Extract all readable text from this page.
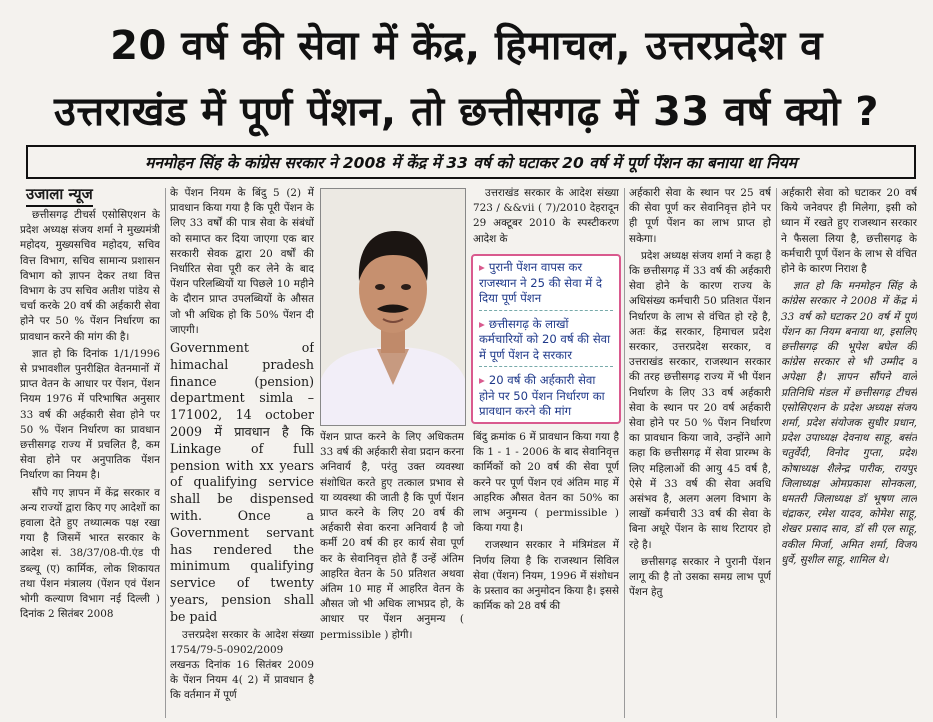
20 वर्ष की सेवा में केंद्र, हिमाचल, उत्तरप्रदेश व
उत्तराखंड में पूर्ण पेंशन, तो छत्तीसगढ़ में 33 वर्ष क्यो ?
मनमोहन सिंह के कांग्रेस सरकार ने 2008 में केंद्र में 33 वर्ष को घटाकर 20 वर्ष में पूर्ण पेंशन का बनाया था नियम
उजाला न्यूज

छत्तीसगढ़ टीचर्स एसोसिएशन के प्रदेश अध्यक्ष संजय शर्मा ने मुख्यमंत्री महोदय, मुख्यसचिव महोदय, सचिव वित्त विभाग, सचिव सामान्य प्रशासन विभाग को ज्ञापन देकर तथा वित्त विभाग के उप सचिव अतीश पांडेय से चर्चा करके 20 वर्ष की अर्हकारी सेवा होने पर 50 % पेंशन निर्धारण का प्रावधान करने की मांग की है।

ज्ञात हो कि दिनांक 1/1/1996 से प्रभावशील पुनरीक्षित वेतनमानों में प्राप्त वेतन के आधार पर पेंशन, पेंशन नियम 1976 में परिभाषित अनुसार 33 वर्ष की अर्हकारी सेवा होने पर 50 % पेंशन निर्धारण का प्रावधान छत्तीसगढ़ राज्य में प्रचलित है, कम सेवा होने पर अनुपातिक पेंशन निर्धारण का नियम है।

सौंपे गए ज्ञापन में केंद्र सरकार व अन्य राज्यों द्वारा किए गए आदेशों का हवाला देते हुए तथ्यात्मक पक्ष रखा गया है जिसमें भारत सरकार के आदेश सं. 38/37/08-पी.एंड पी डब्ल्यू (ए) कार्मिक, लोक शिकायत तथा पेंशन मंत्रालय (पेंशन एवं पेंशन भोगी कल्याण विभाग नई दिल्ली ) दिनांक 2 सितंबर 2008

के पेंशन नियम के बिंदु 5 (2) में प्रावधान किया गया है कि पूरी पेंशन के लिए 33 वर्षों की पात्र सेवा के संबंधों को समाप्त कर दिया जाएगा एक बार सरकारी सेवक द्वारा 20 वर्षों की निर्धारित सेवा पूरी कर लेने के बाद पेंशन परिलब्धियों या पिछले 10 महीने के दौरान प्राप्त उपलब्धियों के औसत जो भी अधिक हो कि 50% पेंशन दी जाएगी।

Government of himachal pradesh finance (pension) department simla – 171002, 14 october 2009 में प्रावधान है कि Linkage of full pension with xx years of qualifying service shall be dispensed with. Once a Government servant has rendered the minimum qualifying service of twenty years, pension shall be paid

उत्तरप्रदेश सरकार के आदेश संख्या 1754/79-5-0902/2009 लखनऊ दिनांक 16 सितंबर 2009 के पेंशन नियम 4( 2) में प्रावधान है कि वर्तमान में पूर्ण

पेंशन प्राप्त करने के लिए अधिकतम 33 वर्ष की अर्हकारी सेवा प्रदान करना अनिवार्य है, परंतु उक्त व्यवस्था संशोधित करते हुए तत्काल प्रभाव से या व्यवस्था की जाती है कि पूर्ण पेंशन प्राप्त करने के लिए 20 वर्ष की अर्हकारी सेवा करना अनिवार्य है जो कर्मी 20 वर्ष की हर कार्य सेवा पूर्ण कर के सेवानिवृत्त होते हैं उन्हें अंतिम आहरित वेतन के 50 प्रतिशत अथवा अंतिम 10 माह में आहरित वेतन के औसत जो भी अधिक लाभप्रद हो, के आधार पर पेंशन अनुमन्य ( permissible ) होगी।

उत्तराखंड सरकार के आदेश संख्या 723 / &&vii ( 7)/2010 देहरादून 29 अक्टूबर 2010 के स्पस्टीकरण आदेश के

▸ पुरानी पेंशन वापस कर राजस्थान ने 25 की सेवा में दे दिया पूर्ण पेंशन
▸ छत्तीसगढ़ के लाखों कर्मचारियों को 20 वर्ष की सेवा में पूर्ण पेंशन दे सरकार
▸ 20 वर्ष की अर्हकारी सेवा होने पर 50 पेंशन निर्धारण का प्रावधान करने की मांग

बिंदु क्रमांक 6 में प्रावधान किया गया है कि 1 - 1 - 2006 के बाद सेवानिवृत्त कार्मिकों को 20 वर्ष की सेवा पूर्ण करने पर पूर्ण पेंशन एवं अंतिम माह में आहरिक औसत वेतन का 50% का लाभ अनुमन्य ( permissible ) किया गया है।

राजस्थान सरकार ने मंत्रिमंडल में निर्णय लिया है कि राजस्थान सिविल सेवा (पेंशन) नियम, 1996 में संशोधन के प्रस्ताव का अनुमोदन किया है। इससे कार्मिक को 28 वर्ष की

अर्हकारी सेवा के स्थान पर 25 वर्ष की सेवा पूर्ण कर सेवानिवृत्त होने पर ही पूर्ण पेंशन का लाभ प्राप्त हो सकेगा।

प्रदेश अध्यक्ष संजय शर्मा ने कहा है कि छत्तीसगढ़ में 33 वर्ष की अर्हकारी सेवा होने के कारण राज्य के अधिसंख्य कर्मचारी 50 प्रतिशत पेंशन निर्धारण के लाभ से वंचित हो रहे है, अतः केंद्र सरकार, हिमाचल प्रदेश सरकार, उत्तरप्रदेश सरकार, व उत्तराखंड सरकार, राजस्थान सरकार की तरह छत्तीसगढ़ राज्य में भी पेंशन निर्धारण के लिए 33 वर्ष अर्हकारी सेवा के स्थान पर 20 वर्ष अर्हकारी सेवा होने पर 50 % पेंशन निर्धारण का प्रावधान किया जावे, उन्होंने आगे कहा कि छत्तीसगढ़ में सेवा प्रारम्भ के लिए महिलाओं की आयु 45 वर्ष है, ऐसे में 33 वर्ष की सेवा अवधि असंभव है, अलग अलग विभाग के लाखों कर्मचारी 33 वर्ष की सेवा के बिना अधूरे पेंशन के साथ रिटायर हो रहे है।

छत्तीसगढ़ सरकार ने पुरानी पेंशन लागू की है तो उसका समग्र लाभ पूर्ण पेंशन हेतु

अर्हकारी सेवा को घटाकर 20 वर्ष किये जनेवपर ही मिलेगा, इसी को ध्यान में रखते हुए राजस्थान सरकार ने फैसला लिया है, छत्तीसगढ़ के कर्मचारी पूर्ण पेंशन के लाभ से वंचित होने के कारण निराश है

ज्ञात हो कि मनमोहन सिंह के कांग्रेस सरकार ने 2008 में केंद्र में 33 वर्ष को घटाकर 20 वर्ष में पूर्ण पेंशन का नियम बनाया था, इसलिए छत्तीसगढ़ की भूपेश बघेल की कांग्रेस सरकार से भी उम्मीद व अपेक्षा है। ज्ञापन सौंपने वाले प्रतिनिधि मंडल में छत्तीसगढ़ टीचर्स एसोसिएशन के प्रदेश अध्यक्ष संजय शर्मा, प्रदेश संयोजक सुधीर प्रधान, प्रदेश उपाध्यक्ष देवनाथ साहू, बसंत चतुर्वेदी, विनोद गुप्ता, प्रदेश कोषाध्यक्ष शैलेन्द्र पारीक, रायपुर जिलाध्यक्ष ओमप्रकाश सोनकला, धमतरी जिलाध्यक्ष डॉ भूषण लाल चंद्राकर, रमेश यादव, कोमेश साहू, शेखर प्रसाद साव, डॉ सी एल साहू, वकील मिर्जा, अमित शर्मा, विजय धुर्वे, सुशील साहू, शामिल थे।
